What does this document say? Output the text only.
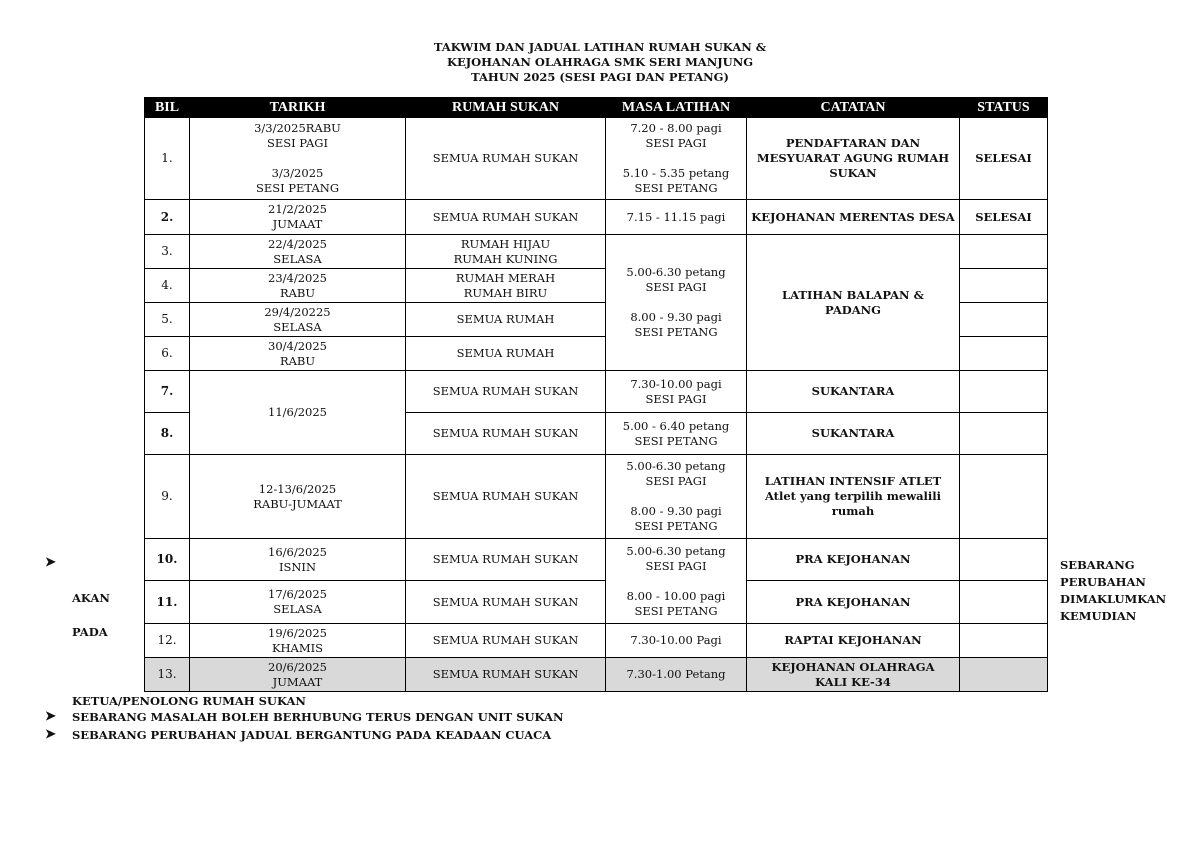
TAKWIM DAN JADUAL LATIHAN RUMAH SUKAN &
KEJOHANAN OLAHRAGA SMK SERI MANJUNG
TAHUN 2025 (SESI PAGI DAN PETANG)
BIL	TARIKH	RUMAH SUKAN	MASA LATIHAN	CATATAN	STATUS
1.	3/3/2025RABU
SESI PAGI
3/3/2025
SESI PETANG	SEMUA RUMAH SUKAN	7.20 - 8.00 pagi
SESI PAGI
5.10 - 5.35 petang
SESI PETANG	PENDAFTARAN DAN
MESYUARAT AGUNG RUMAH
SUKAN	SELESAI
2.	21/2/2025
JUMAAT	SEMUA RUMAH SUKAN	7.15 - 11.15 pagi	KEJOHANAN MERENTAS DESA	SELESAI
3.	22/4/2025
SELASA	RUMAH HIJAU
RUMAH KUNING	5.00-6.30 petang
SESI PAGI
8.00 - 9.30 pagi
SESI PETANG	LATIHAN BALAPAN &
PADANG	

4.	23/4/2025
RABU	RUMAH MERAH
RUMAH BIRU			

5.	29/4/20225
SELASA	SEMUA RUMAH			
6.	30/4/2025
RABU	SEMUA RUMAH			
7.	11/6/2025	SEMUA RUMAH SUKAN	7.30-10.00 pagi
SESI PAGI	SUKANTARA	
8.		SEMUA RUMAH SUKAN	5.00 - 6.40 petang
SESI PETANG	SUKANTARA	
9.	12-13/6/2025
RABU-JUMAAT	SEMUA RUMAH SUKAN	5.00-6.30 petang
SESI PAGI
8.00 - 9.30 pagi
SESI PETANG	LATIHAN INTENSIF ATLET
Atlet yang terpilih mewalili
rumah	

10.	16/6/2025
ISNIN	SEMUA RUMAH SUKAN	5.00-6.30 petang
SESI PAGI
8.00 - 10.00 pagi
SESI PETANG	PRA KEJOHANAN	
11.	17/6/2025
SELASA	SEMUA RUMAH SUKAN		PRA KEJOHANAN	
12.	19/6/2025
KHAMIS	SEMUA RUMAH SUKAN	7.30-10.00 Pagi	RAPTAI KEJOHANAN	
13.	20/6/2025
JUMAAT	SEMUA RUMAH SUKAN	7.30-1.00 Petang	KEJOHANAN OLAHRAGA
KALI KE-34	

➤
AKAN
PADA
SEBARANG
PERUBAHAN
DIMAKLUMKAN
KEMUDIAN
KETUA/PENOLONG RUMAH SUKAN
➤ SEBARANG MASALAH BOLEH BERHUBUNG TERUS DENGAN UNIT SUKAN
➤ SEBARANG PERUBAHAN JADUAL BERGANTUNG PADA KEADAAN CUACA
